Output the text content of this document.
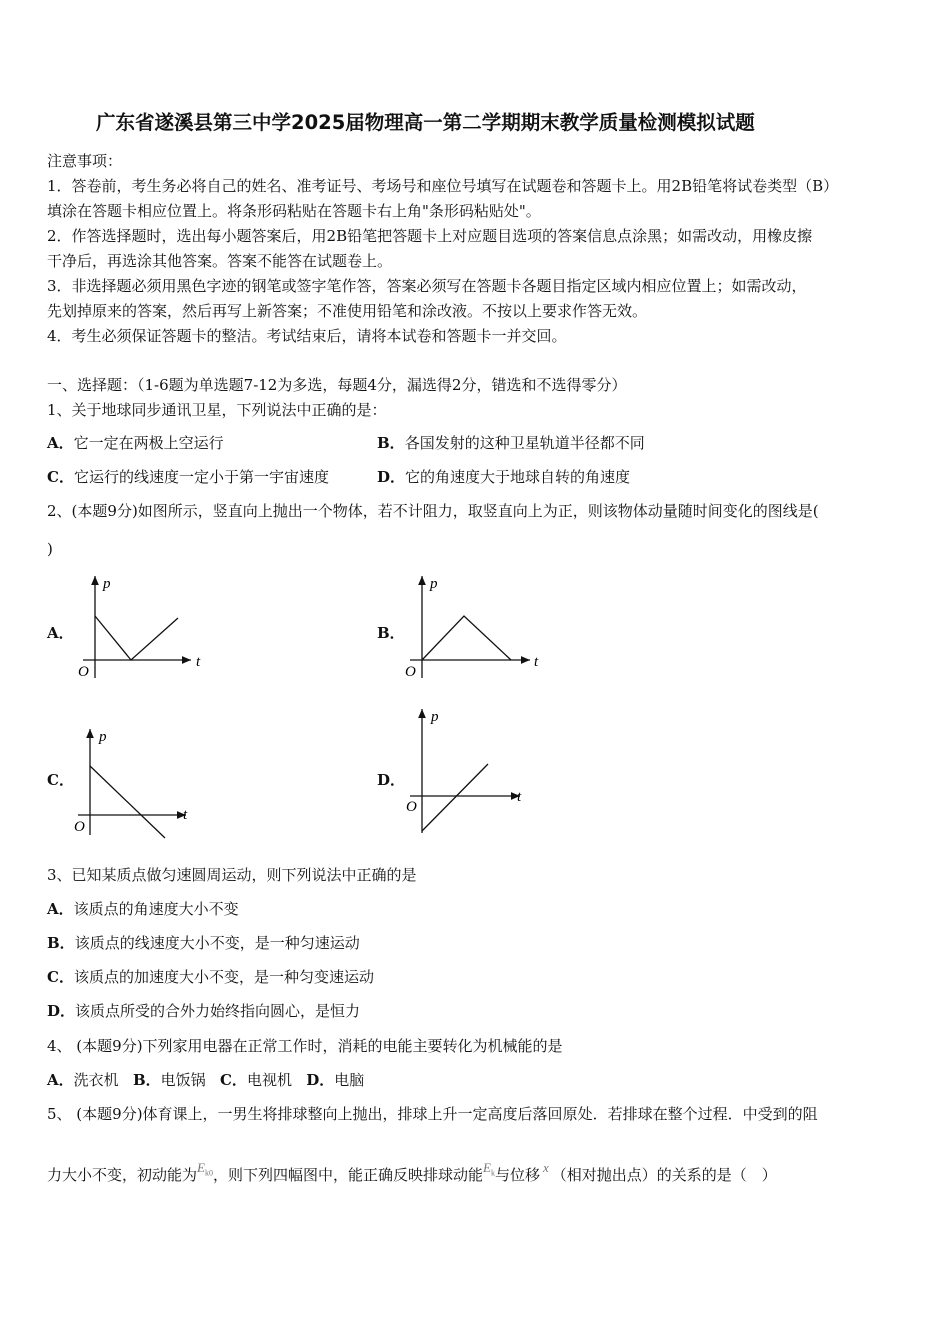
广东省遂溪县第三中学2025届物理高一第二学期期末教学质量检测模拟试题
注意事项：
1．答卷前，考生务必将自己的姓名、准考证号、考场号和座位号填写在试题卷和答题卡上。用2B铅笔将试卷类型（B）
填涂在答题卡相应位置上。将条形码粘贴在答题卡右上角"条形码粘贴处"。
2．作答选择题时，选出每小题答案后，用2B铅笔把答题卡上对应题目选项的答案信息点涂黑；如需改动，用橡皮擦
干净后，再选涂其他答案。答案不能答在试题卷上。
3．非选择题必须用黑色字迹的钢笔或签字笔作答，答案必须写在答题卡各题目指定区域内相应位置上；如需改动，
先划掉原来的答案，然后再写上新答案；不准使用铅笔和涂改液。不按以上要求作答无效。
4．考生必须保证答题卡的整洁。考试结束后，请将本试卷和答题卡一并交回。
一、选择题：（1-6题为单选题7-12为多选，每题4分，漏选得2分，错选和不选得零分）
1、关于地球同步通讯卫星，下列说法中正确的是：
A．它一定在两极上空运行	B．各国发射的这种卫星轨道半径都不同
C．它运行的线速度一定小于第一宇宙速度	D．它的角速度大于地球自转的角速度
2、(本题9分)如图所示，竖直向上抛出一个物体，若不计阻力，取竖直向上为正，则该物体动量随时间变化的图线是(
)
A．
p
t
O
B．
p
t
O
C．
p
t
O
D．
p
t
O
3、已知某质点做匀速圆周运动，则下列说法中正确的是
A．该质点的角速度大小不变
B．该质点的线速度大小不变，是一种匀速运动
C．该质点的加速度大小不变，是一种匀变速运动
D．该质点所受的合外力始终指向圆心，是恒力
4、 (本题9分)下列家用电器在正常工作时，消耗的电能主要转化为机械能的是
A．洗衣机 B．电饭锅 C．电视机 D．电脑
5、 (本题9分)体育课上，一男生将排球整向上抛出，排球上升一定高度后落回原处．若排球在整个过程．中受到的阻
力大小不变，初动能为$E_{k0}$，则下列四幅图中，能正确反映排球动能$E_k$与位移 x （相对抛出点）的关系的是（　）
